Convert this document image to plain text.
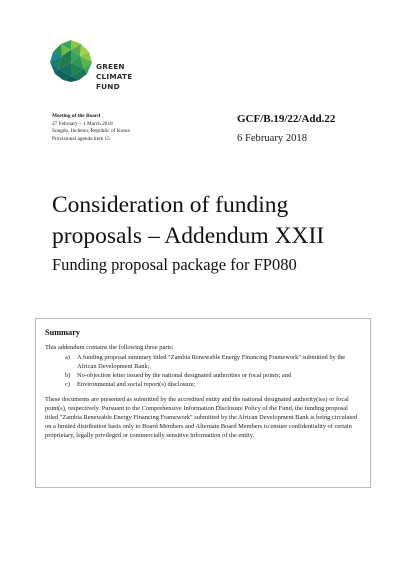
GREEN
CLIMATE
FUND
Meeting of the Board
27 February – 1 March 2018
Songdo, Incheon, Republic of Korea
Provisional agenda item 15
GCF/B.19/22/Add.22
6 February 2018
Consideration of funding proposals – Addendum XXII
Funding proposal package for FP080
Summary
This addendum contains the following three parts:
a)	A funding proposal summary titled "Zambia Renewable Energy Financing Framework" submitted by the African Development Bank;
b)	No-objection letter issued by the national designated authorities or focal points; and
c)	Environmental and social report(s) disclosure;
These documents are presented as submitted by the accredited entity and the national designated authority(ies) or focal point(s), respectively. Pursuant to the Comprehensive Information Disclosure Policy of the Fund, the funding proposal titled "Zambia Renewable Energy Financing Framework" submitted by the African Development Bank is being circulated on a limited distribution basis only to Board Members and Alternate Board Members to ensure confidentiality of certain proprietary, legally privileged or commercially sensitive information of the entity.
